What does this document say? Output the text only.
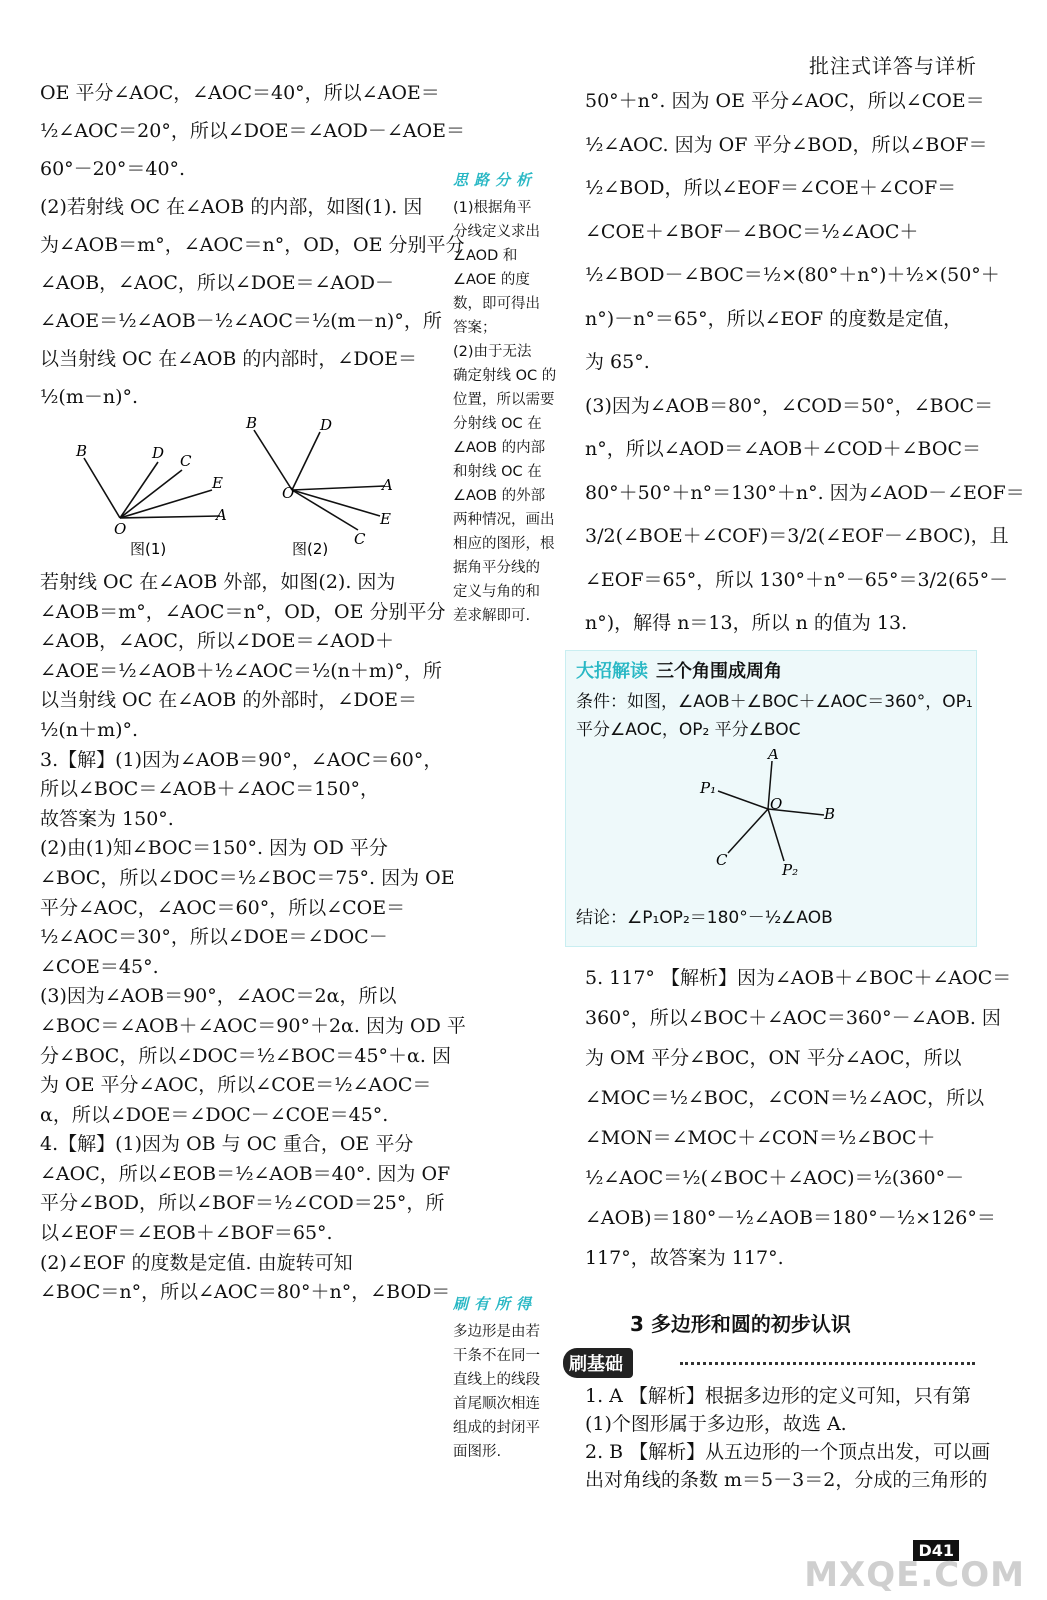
批注式详答与详析

OE 平分∠AOC，∠AOC＝40°，所以∠AOE＝

½∠AOC＝20°，所以∠DOE＝∠AOD－∠AOE＝

60°－20°＝40°.

(2)若射线 OC 在∠AOB 的内部，如图(1). 因

为∠AOB＝m°，∠AOC＝n°，OD，OE 分别平分

∠AOB，∠AOC，所以∠DOE＝∠AOD－

∠AOE＝½∠AOB－½∠AOC＝½(m－n)°，所

以当射线 OC 在∠AOB 的内部时，∠DOE＝

½(m－n)°.

B	D C
E
A
O
图(1)
B	D
A
O
E
C
图(2)

若射线 OC 在∠AOB 外部，如图(2). 因为

∠AOB＝m°，∠AOC＝n°，OD，OE 分别平分

∠AOB，∠AOC，所以∠DOE＝∠AOD＋

∠AOE＝½∠AOB＋½∠AOC＝½(n＋m)°，所

以当射线 OC 在∠AOB 的外部时，∠DOE＝

½(n＋m)°.

3.【解】(1)因为∠AOB＝90°，∠AOC＝60°，

所以∠BOC＝∠AOB＋∠AOC＝150°，

故答案为 150°.

(2)由(1)知∠BOC＝150°. 因为 OD 平分

∠BOC，所以∠DOC＝½∠BOC＝75°. 因为 OE

平分∠AOC，∠AOC＝60°，所以∠COE＝

½∠AOC＝30°，所以∠DOE＝∠DOC－

∠COE＝45°.

(3)因为∠AOB＝90°，∠AOC＝2α，所以

∠BOC＝∠AOB＋∠AOC＝90°＋2α. 因为 OD 平

分∠BOC，所以∠DOC＝½∠BOC＝45°＋α. 因

为 OE 平分∠AOC，所以∠COE＝½∠AOC＝

α，所以∠DOE＝∠DOC－∠COE＝45°.

4.【解】(1)因为 OB 与 OC 重合，OE 平分

∠AOC，所以∠EOB＝½∠AOB＝40°. 因为 OF

平分∠BOD，所以∠BOF＝½∠COD＝25°，所

以∠EOF＝∠EOB＋∠BOF＝65°.

(2)∠EOF 的度数是定值. 由旋转可知

∠BOC＝n°，所以∠AOC＝80°＋n°，∠BOD＝

思路分析

(1)根据角平

分线定义求出

∠AOD 和

∠AOE 的度

数，即可得出

答案；

(2)由于无法

确定射线 OC 的

位置，所以需要

分射线 OC 在

∠AOB 的内部

和射线 OC 在

∠AOB 的外部

两种情况，画出

相应的图形，根

据角平分线的

定义与角的和

差求解即可.

刷有所得

多边形是由若

干条不在同一

直线上的线段

首尾顺次相连

组成的封闭平

面图形.

50°＋n°. 因为 OE 平分∠AOC，所以∠COE＝

½∠AOC. 因为 OF 平分∠BOD，所以∠BOF＝

½∠BOD，所以∠EOF＝∠COE＋∠COF＝

∠COE＋∠BOF－∠BOC＝½∠AOC＋

½∠BOD－∠BOC＝½×(80°＋n°)＋½×(50°＋

n°)－n°＝65°，所以∠EOF 的度数是定值，

为 65°.

(3)因为∠AOB＝80°，∠COD＝50°，∠BOC＝

n°，所以∠AOD＝∠AOB＋∠COD＋∠BOC＝

80°＋50°＋n°＝130°＋n°. 因为∠AOD－∠EOF＝

3/2(∠BOE＋∠COF)＝3/2(∠EOF－∠BOC)，且

∠EOF＝65°，所以 130°＋n°－65°＝3/2(65°－

n°)，解得 n＝13，所以 n 的值为 13.

大招解读 三个角围成周角
条件：如图，∠AOB＋∠BOC＋∠AOC＝360°，OP₁
平分∠AOC，OP₂ 平分∠BOC
A
P₁
O
B
C
P₂
结论：∠P₁OP₂＝180°－½∠AOB

5. 117° 【解析】因为∠AOB＋∠BOC＋∠AOC＝

360°，所以∠BOC＋∠AOC＝360°－∠AOB. 因

为 OM 平分∠BOC，ON 平分∠AOC，所以

∠MOC＝½∠BOC，∠CON＝½∠AOC，所以

∠MON＝∠MOC＋∠CON＝½∠BOC＋

½∠AOC＝½(∠BOC＋∠AOC)＝½(360°－

∠AOB)＝180°－½∠AOB＝180°－½×126°＝

117°，故答案为 117°.

3 多边形和圆的初步认识
刷基础

1. A 【解析】根据多边形的定义可知，只有第

(1)个图形属于多边形，故选 A.

2. B 【解析】从五边形的一个顶点出发，可以画

出对角线的条数 m＝5－3＝2，分成的三角形的

D41
MXQE.COM
